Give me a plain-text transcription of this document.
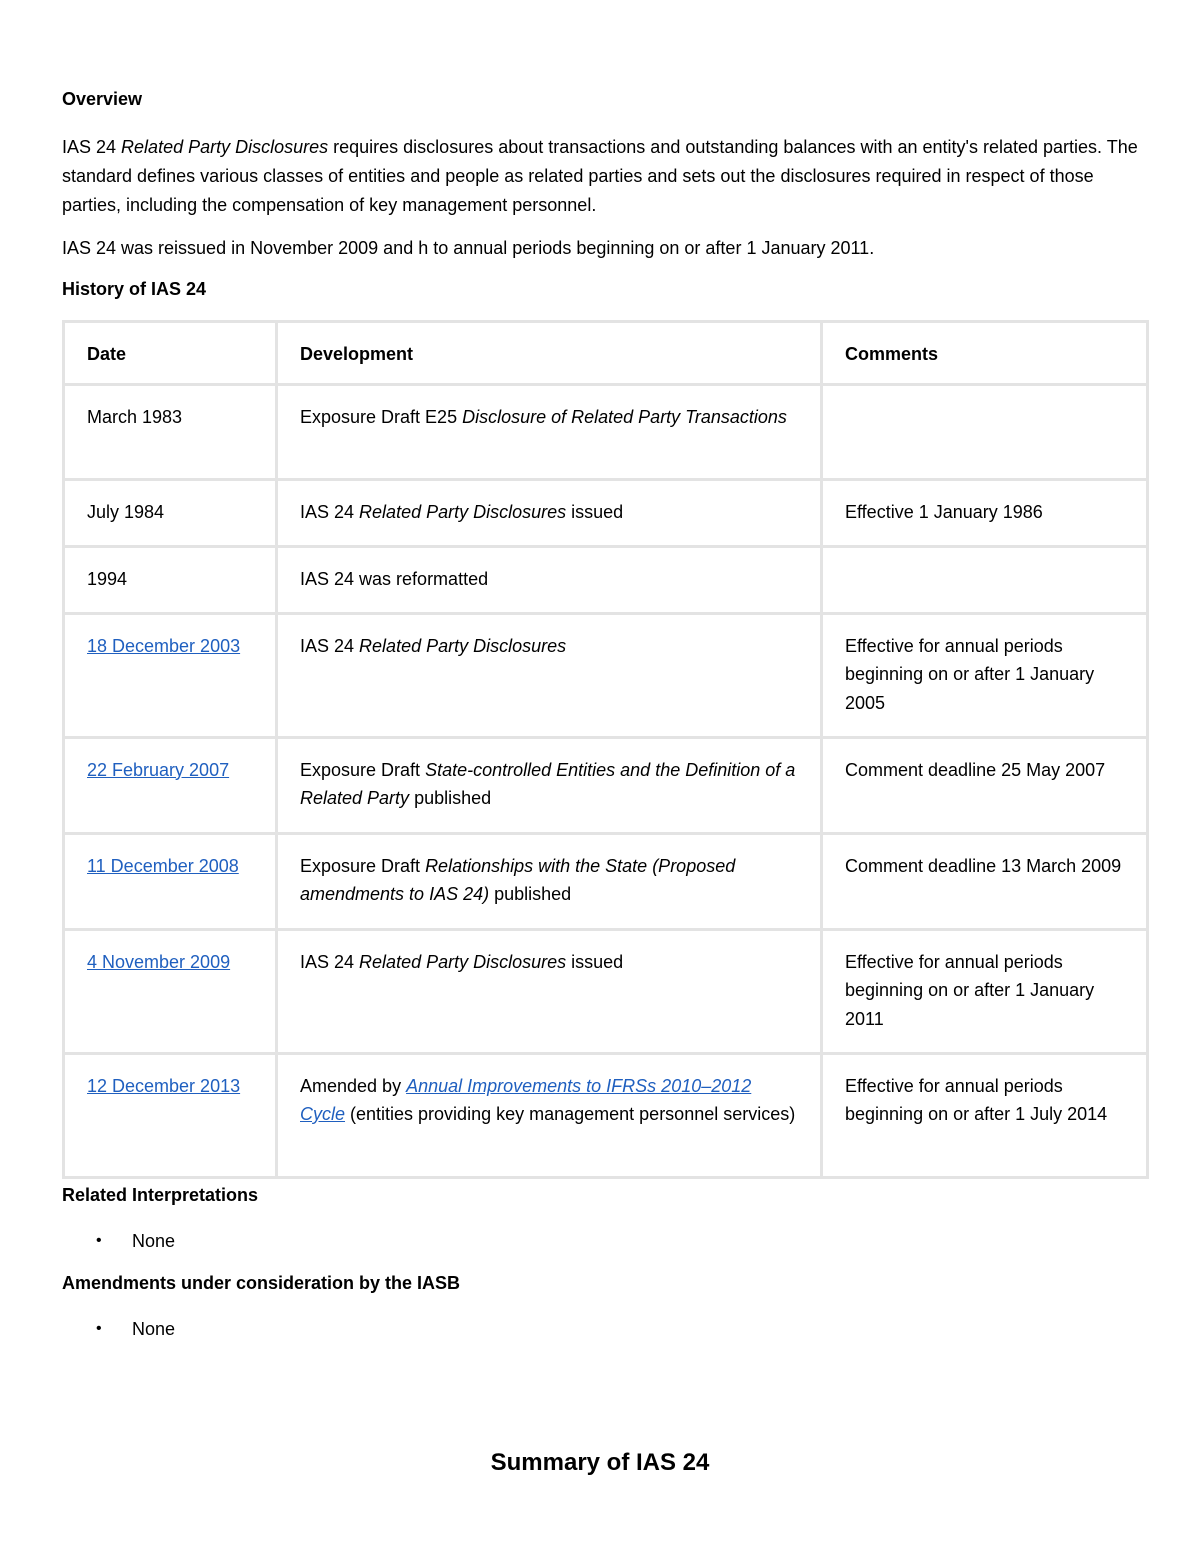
Overview

IAS 24 Related Party Disclosures requires disclosures about transactions and outstanding balances with an entity's related parties. The standard defines various classes of entities and people as related parties and sets out the disclosures required in respect of those parties, including the compensation of key management personnel.

IAS 24 was reissued in November 2009 and h to annual periods beginning on or after 1 January 2011.

History of IAS 24

Date	Development	Comments
March 1983	Exposure Draft E25 Disclosure of Related Party Transactions	
July 1984	IAS 24 Related Party Disclosures issued	Effective 1 January 1986
1994	IAS 24 was reformatted	
18 December 2003	IAS 24 Related Party Disclosures	Effective for annual periods beginning on or after 1 January 2005
22 February 2007	Exposure Draft State-controlled Entities and the Definition of a Related Party published	Comment deadline 25 May 2007
11 December 2008	Exposure Draft Relationships with the State (Proposed amendments to IAS 24) published	Comment deadline 13 March 2009
4 November 2009	IAS 24 Related Party Disclosures issued	Effective for annual periods beginning on or after 1 January 2011
12 December 2013	Amended by Annual Improvements to IFRSs 2010–2012 Cycle (entities providing key management personnel services)	Effective for annual periods beginning on or after 1 July 2014

Related Interpretations

•	None

Amendments under consideration by the IASB

•	None

Summary of IAS 24
